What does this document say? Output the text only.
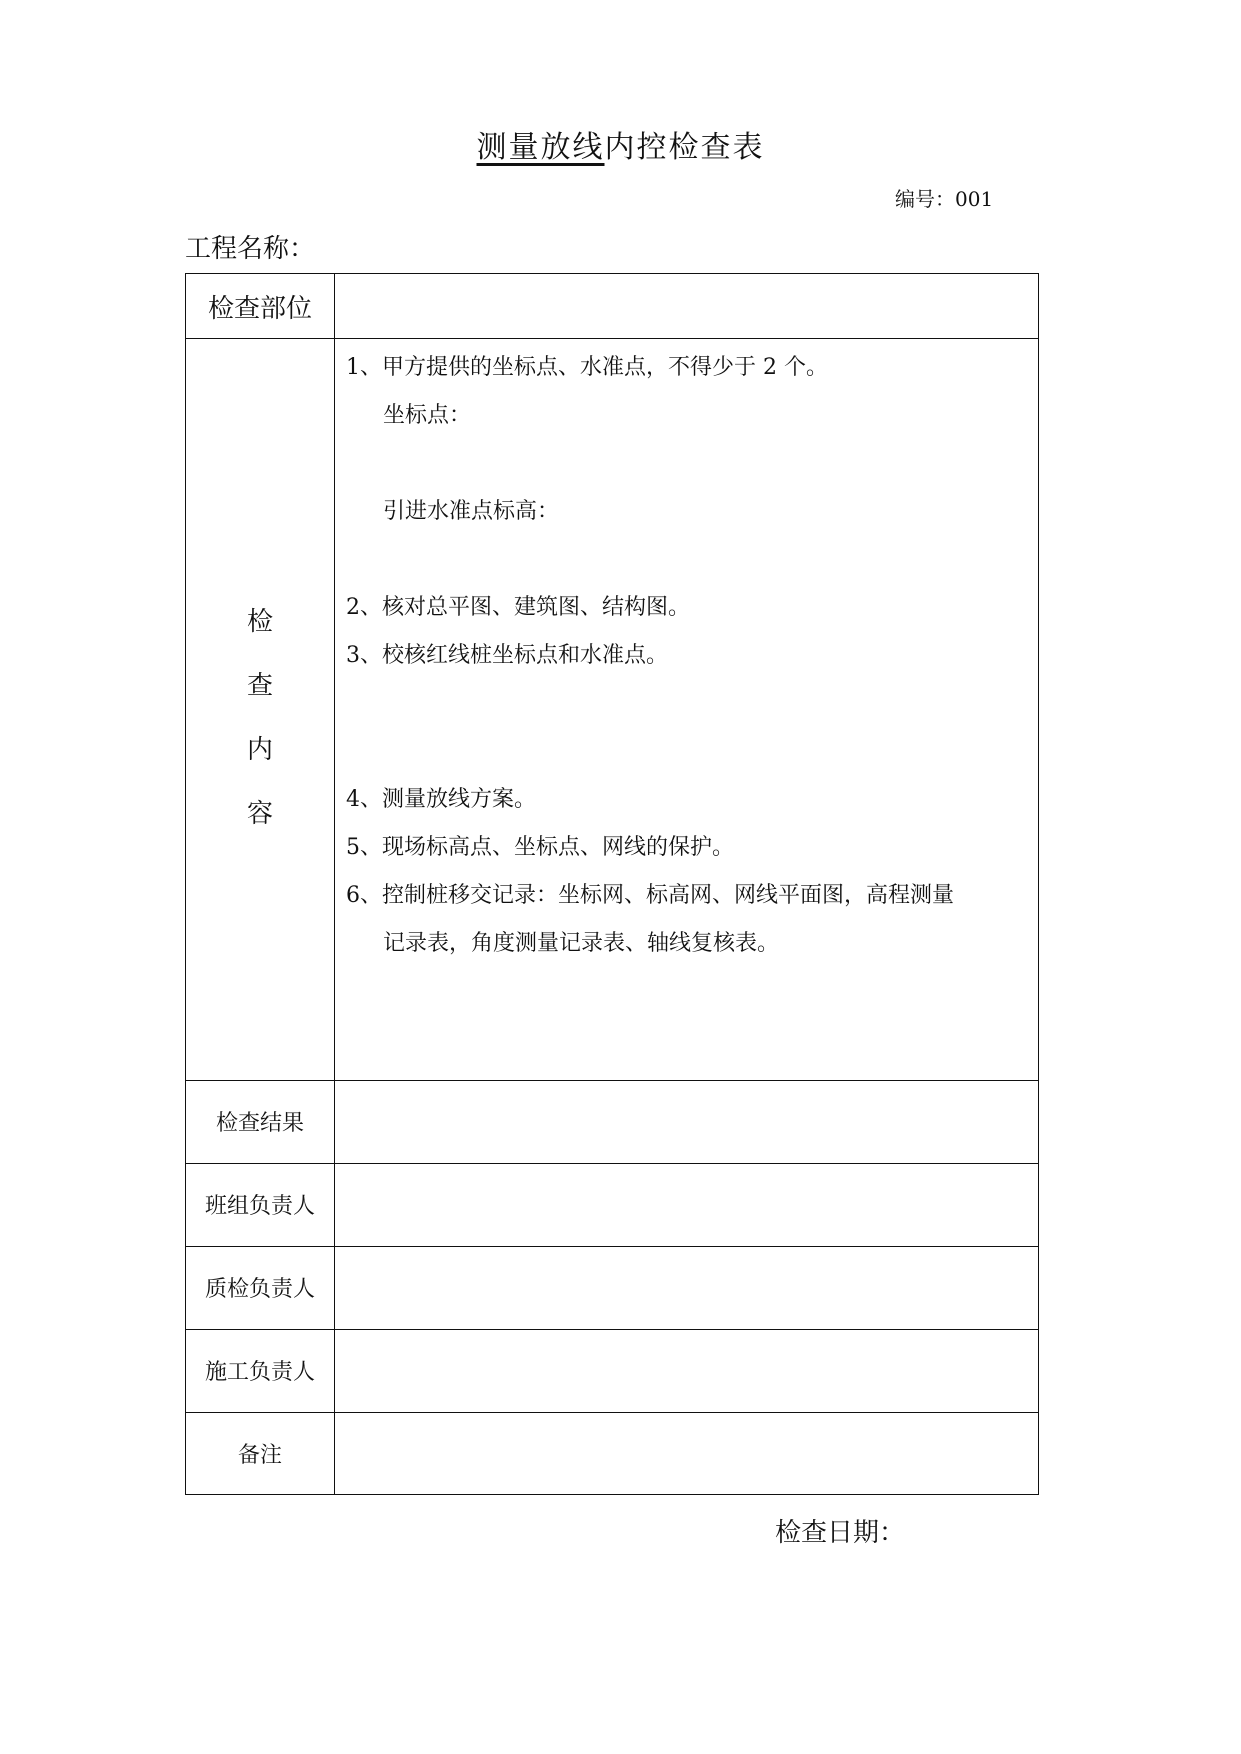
测量放线内控检查表
编号：001
工程名称：
检查部位
检
查
内
容
1、甲方提供的坐标点、水准点，不得少于 2 个。
坐标点：
引进水准点标高：
2、核对总平图、建筑图、结构图。
3、校核红线桩坐标点和水准点。
4、测量放线方案。
5、现场标高点、坐标点、网线的保护。
6、控制桩移交记录：坐标网、标高网、网线平面图，高程测量
记录表，角度测量记录表、轴线复核表。
检查结果
班组负责人
质检负责人
施工负责人
备注
检查日期：
